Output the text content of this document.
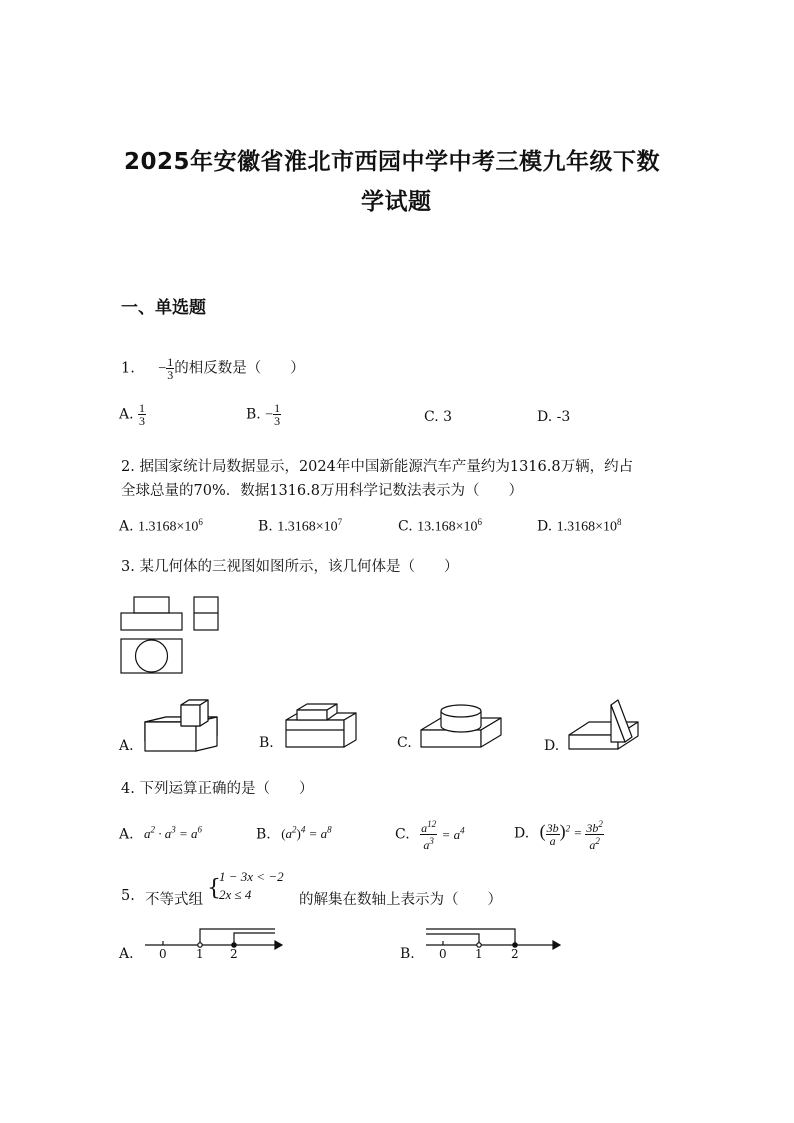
2025年安徽省淮北市西园中学中考三模九年级下数
学试题
一、单选题
1. − $\frac{1}{3}$ 的相反数是（　　）
A. $\frac{1}{3}$	B. − $\frac{1}{3}$	C. 3	D. -3
2. 据国家统计局数据显示，2024年中国新能源汽车产量约为1316.8万辆，约占
全球总量的70%．数据1316.8万用科学记数法表示为（　　）
A. $1.3168\times 10^6$	B. $1.3168\times 10^7$	C. $13.168\times 10^6$	D. $1.3168\times 10^8$
3. 某几何体的三视图如图所示，该几何体是（　　）
A.	B.	C.	D.
4. 下列运算正确的是（　　）
A. $a^2 \cdot a^3 = a^6$	B. $(a^2)^4 = a^8$	C. $\frac{a^{12}}{a^3} = a^4$	D. ( $\frac{3b}{a} )^2 = \frac{3b^2}{a^2}$
5. 不等式组 {
1 − 3x < −2
2x ≤ 4	的解集在数轴上表示为（　　）
A.	B.
0 1 2	0 1 2
